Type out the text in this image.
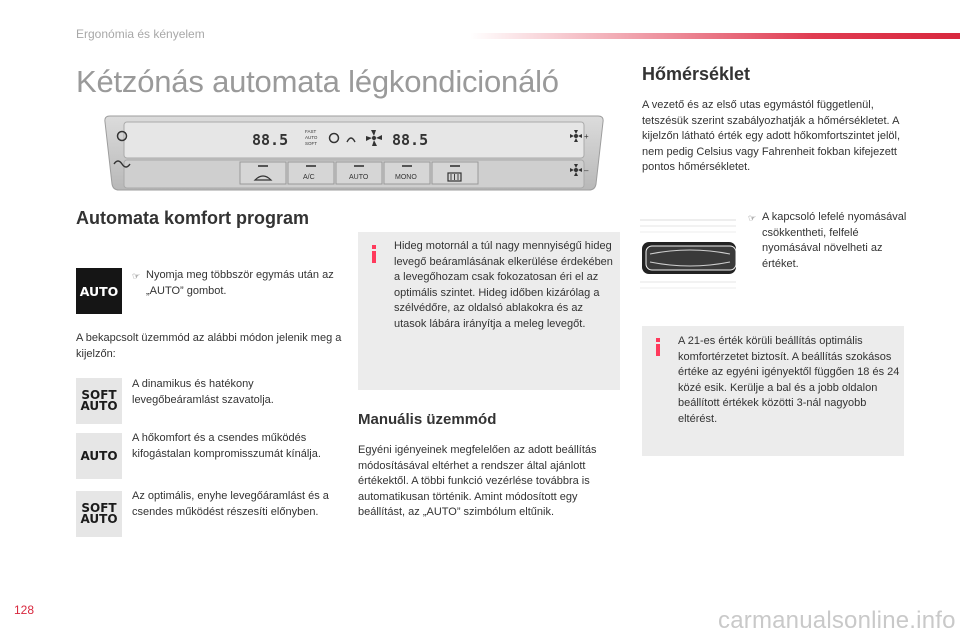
Ergonómia és kényelem
Kétzónás automata légkondicionáló
88.5	FAST
AUTO
SOFT	88.5	+
–
A/C	AUTO	MONO
Automata komfort program
AUTO
☞ Nyomja meg többször egymás után az „AUTO” gombot.

A bekapcsolt üzemmód az alábbi módon jelenik meg a kijelzőn:

SOFT
AUTO

A dinamikus és hatékony levegőbeáramlást szavatolja.

AUTO

A hőkomfort és a csendes működés kifogástalan kompromisszumát kínálja.

SOFT
AUTO

Az optimális, enyhe levegőáramlást és a csendes működést részesíti előnyben.

Hideg motornál a túl nagy mennyiségű hideg levegő beáramlásának elkerülése érdekében a levegőhozam csak fokozatosan éri el az optimális szintet. Hideg időben kizárólag a szélvédőre, az oldalsó ablakokra és az utasok lábára irányítja a meleg levegőt.

Manuális üzemmód

Egyéni igényeinek megfelelően az adott beállítás módosításával eltérhet a rendszer által ajánlott értékektől. A többi funkció vezérlése továbbra is automatikusan történik. Amint módosított egy beállítást, az „AUTO” szimbólum eltűnik.

Hőmérséklet

A vezető és az első utas egymástól függetlenül, tetszésük szerint szabályozhatják a hőmérsékletet. A kijelzőn látható érték egy adott hőkomfortszintet jelöl, nem pedig Celsius vagy Fahrenheit fokban kifejezett pontos hőmérsékletet.

☞ A kapcsoló lefelé nyomásával csökkentheti, felfelé nyomásával növelheti az értéket.

A 21-es érték körüli beállítás optimális komfortérzetet biztosít. A beállítás szokásos értéke az egyéni igényektől függően 18 és 24 közé esik. Kerülje a bal és a jobb oldalon beállított értékek közötti 3-nál nagyobb eltérést.

128	carmanualsonline.info
